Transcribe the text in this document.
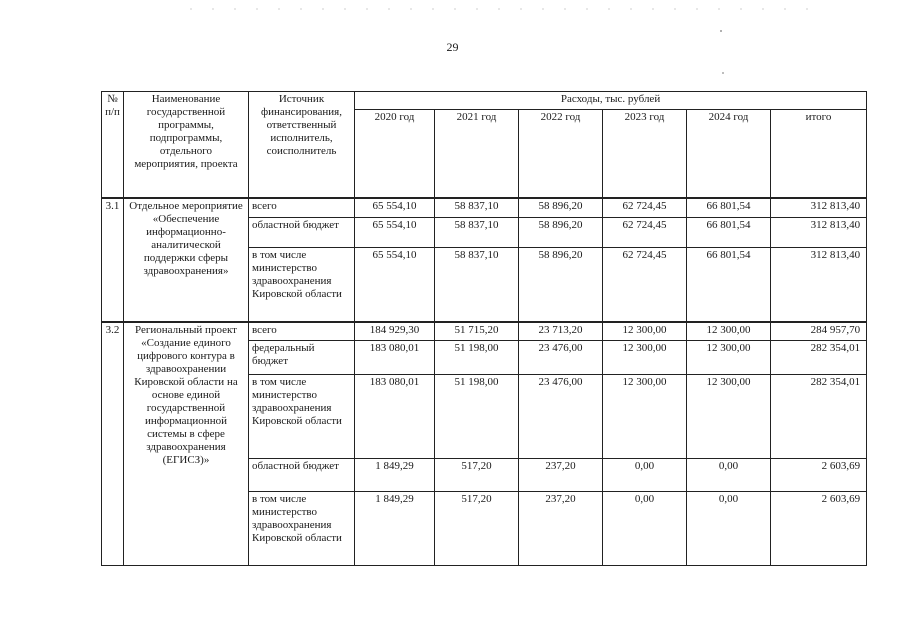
29
№ п/п	Наименование государственной программы, подпрограммы, отдельного мероприятия, проекта	Источник финансирования, ответственный исполнитель, соисполнитель	Расходы, тыс. рублей					
			2020 год	2021 год	2022 год	2023 год	2024 год	итого
3.1	Отдельное мероприятие «Обеспечение информационно-аналитической поддержки сферы здравоохранения»	всего	65 554,10	58 837,10	58 896,20	62 724,45	66 801,54	312 813,40
		областной бюджет	65 554,10	58 837,10	58 896,20	62 724,45	66 801,54	312 813,40
		в том числе министерство здравоохранения Кировской области	65 554,10	58 837,10	58 896,20	62 724,45	66 801,54	312 813,40
3.2	Региональный проект «Создание единого цифрового контура в здравоохранении Кировской области на основе единой государственной информационной системы в сфере здравоохранения (ЕГИСЗ)»	всего	184 929,30	51 715,20	23 713,20	12 300,00	12 300,00	284 957,70
		федеральный бюджет	183 080,01	51 198,00	23 476,00	12 300,00	12 300,00	282 354,01
		в том числе министерство здравоохранения Кировской области	183 080,01	51 198,00	23 476,00	12 300,00	12 300,00	282 354,01
		областной бюджет	1 849,29	517,20	237,20	0,00	0,00	2 603,69
		в том числе министерство здравоохранения Кировской области	1 849,29	517,20	237,20	0,00	0,00	2 603,69
